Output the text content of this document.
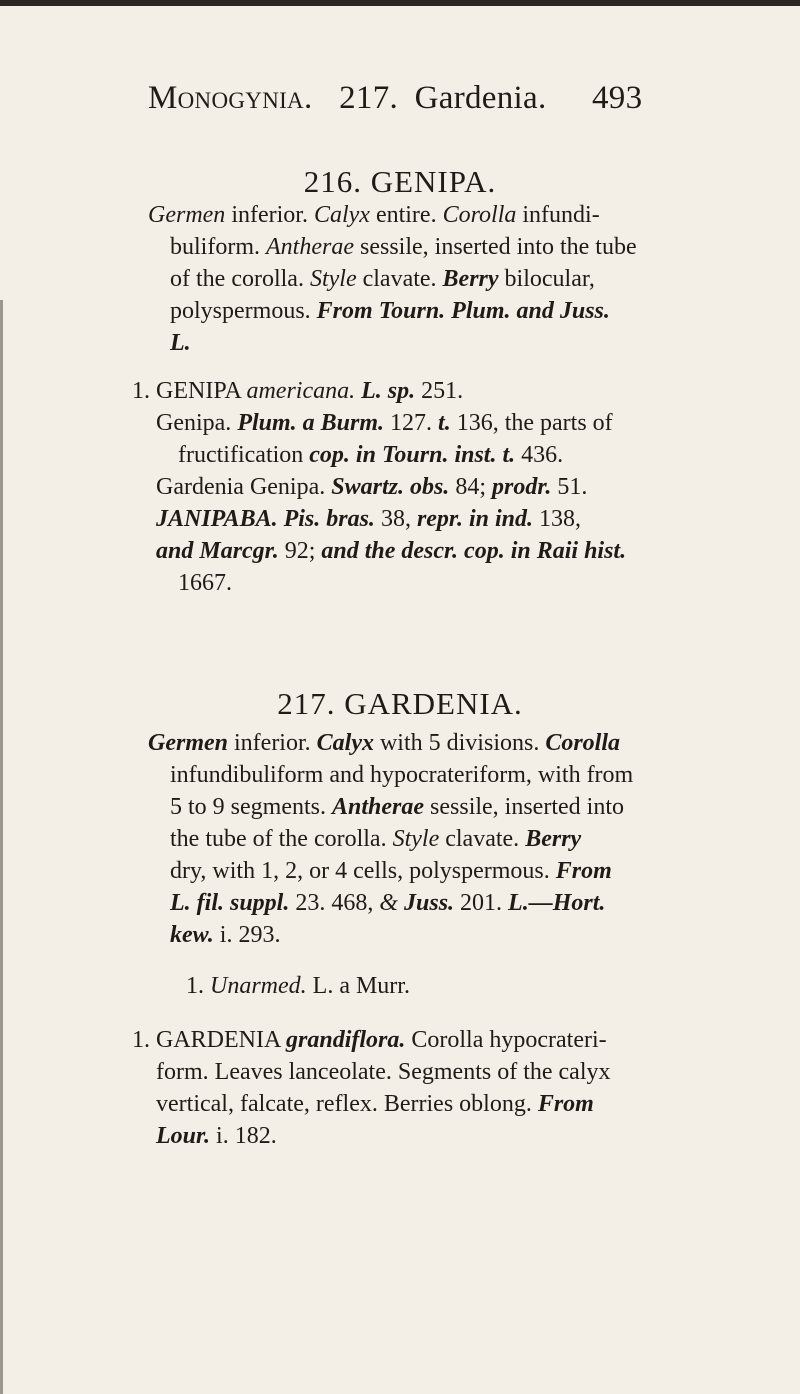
Monogynia. 217. Gardenia. 493
216. GENIPA.
Germen inferior. Calyx entire. Corolla infundi-
buliform. Antherae sessile, inserted into the tube
of the corolla. Style clavate. Berry bilocular,
polyspermous. From Tourn. Plum. and Juss.
L.
1. GENIPA americana. L. sp. 251.
Genipa. Plum. a Burm. 127. t. 136, the parts of
fructification cop. in Tourn. inst. t. 436.
Gardenia Genipa. Swartz. obs. 84; prodr. 51.
JANIPABA. Pis. bras. 38, repr. in ind. 138,
and Marcgr. 92; and the descr. cop. in Raii hist.
1667.
217. GARDENIA.
Germen inferior. Calyx with 5 divisions. Corolla
infundibuliform and hypocrateriform, with from
5 to 9 segments. Antherae sessile, inserted into
the tube of the corolla. Style clavate. Berry
dry, with 1, 2, or 4 cells, polyspermous. From
L. fil. suppl. 23. 468, & Juss. 201. L.—Hort.
kew. i. 293.
1. Unarmed. L. a Murr.
1. GARDENIA grandiflora. Corolla hypocrateri-
form. Leaves lanceolate. Segments of the calyx
vertical, falcate, reflex. Berries oblong. From
Lour. i. 182.
